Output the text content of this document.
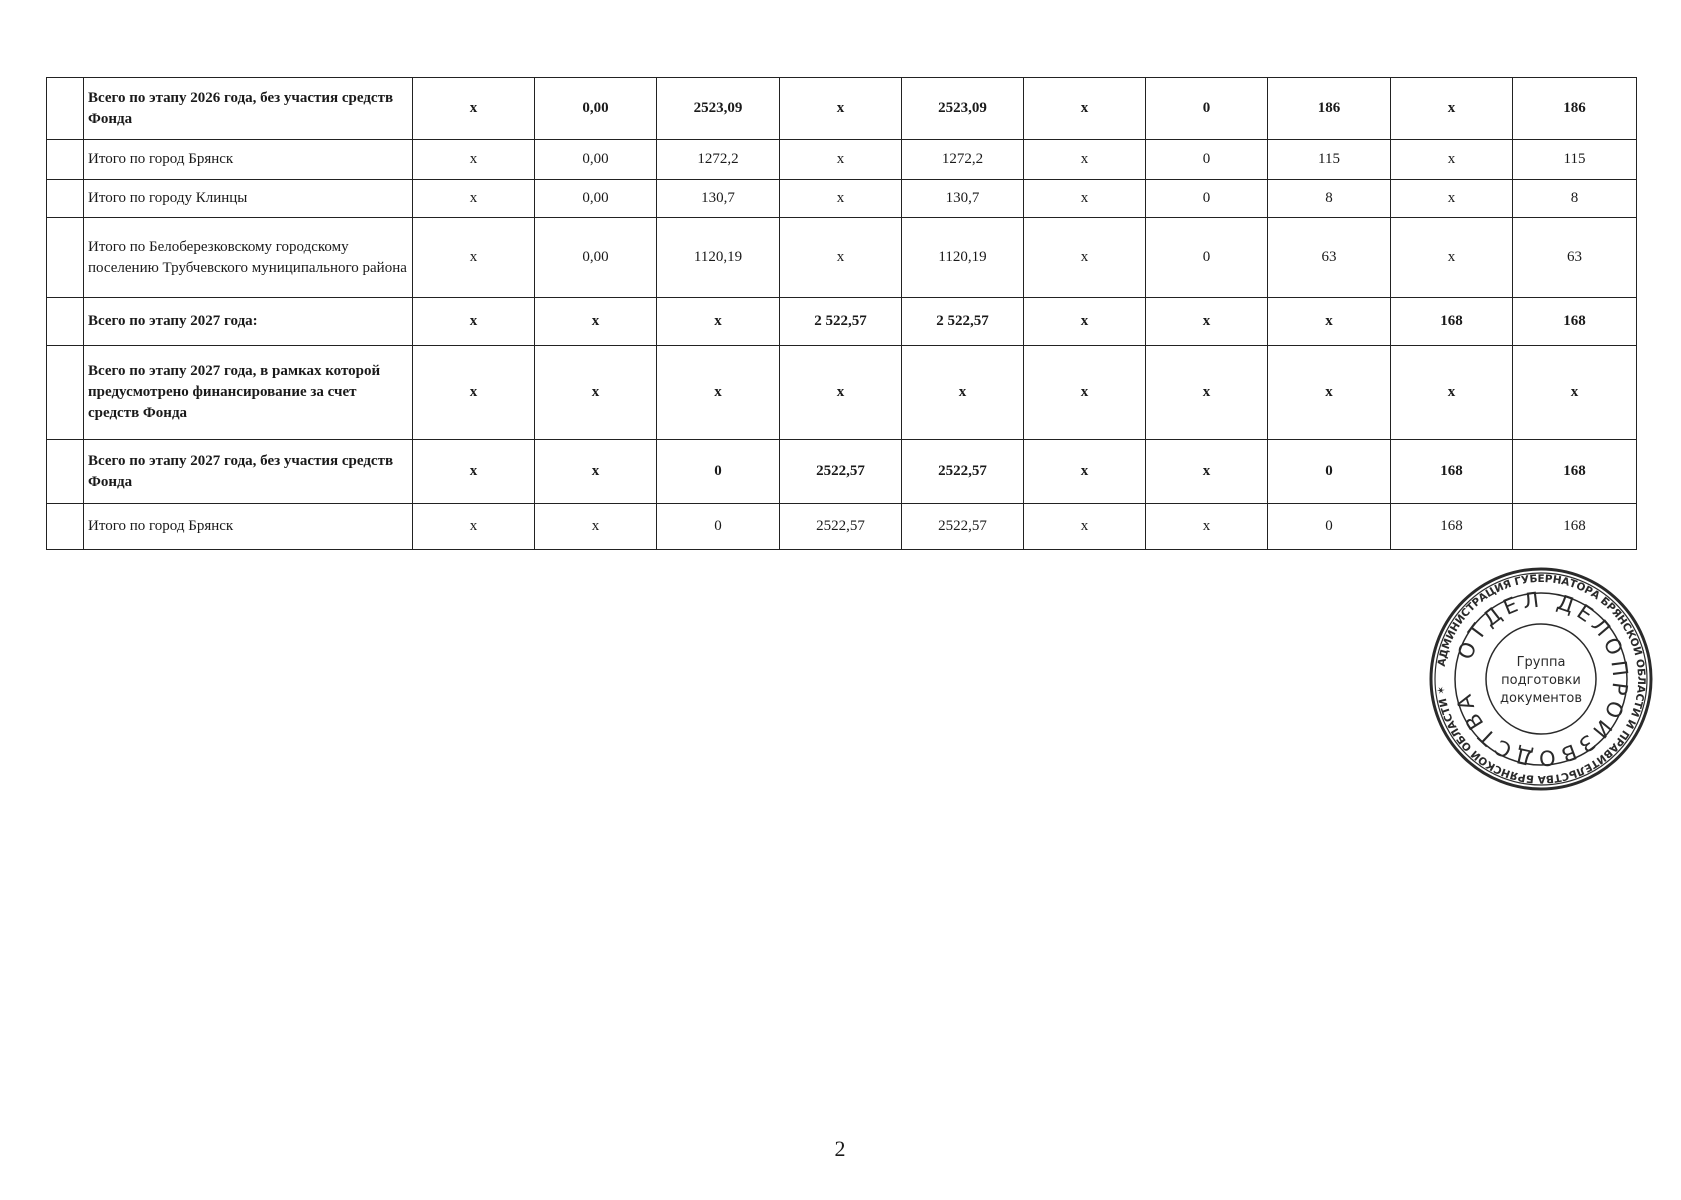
	Всего по этапу 2026 года, без участия средств Фонда	х	0,00	2523,09	х	2523,09	х	0	186	х	186
	Итого по город Брянск	х	0,00	1272,2	х	1272,2	х	0	115	х	115
	Итого по городу Клинцы	х	0,00	130,7	х	130,7	х	0	8	х	8
	Итого по Белоберезковскому городскому поселению Трубчевского муниципального района	х	0,00	1120,19	х	1120,19	х	0	63	х	63
	Всего по этапу 2027 года:	х	х	х	2 522,57	2 522,57	х	х	х	168	168
	Всего по этапу 2027 года, в рамках которой предусмотрено финансирование за счет средств Фонда	х	х	х	х	х	х	х	х	х	х
	Всего по этапу 2027 года, без участия средств Фонда	х	х	0	2522,57	2522,57	х	х	0	168	168
	Итого по город Брянск	х	х	0	2522,57	2522,57	х	х	0	168	168
АДМИНИСТРАЦИЯ ГУБЕРНАТОРА БРЯНСКОЙ ОБЛАСТИ И ПРАВИТЕЛЬСТВА БРЯНСКОЙ ОБЛАСТИ ✶
ОТДЕЛ ДЕЛОПРОИЗВОДСТВА
Группа
подготовки
документов
2
